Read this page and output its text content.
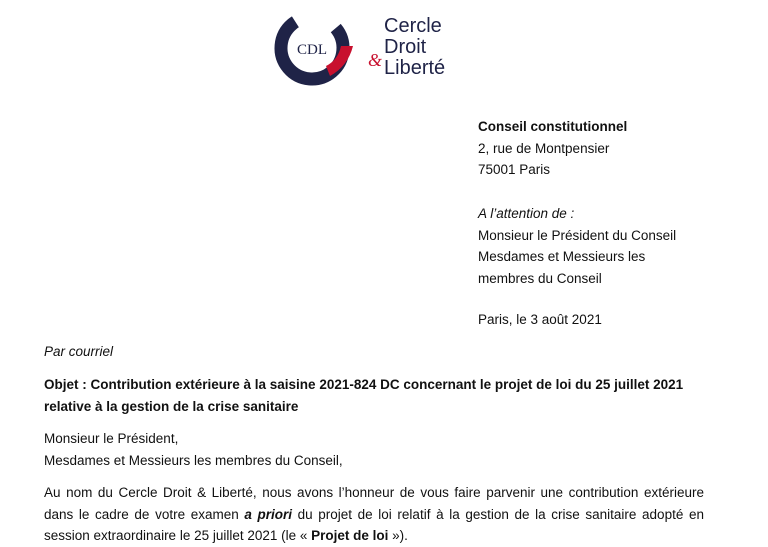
CDL &
Cercle
Droit
Liberté
Conseil constitutionnel
2, rue de Montpensier
75001 Paris
A l’attention de :
Monsieur le Président du Conseil
Mesdames et Messieurs les
membres du Conseil
Paris, le 3 août 2021
Par courriel
Objet : Contribution extérieure à la saisine 2021-824 DC concernant le projet de loi du 25 juillet 2021
relative à la gestion de la crise sanitaire
Monsieur le Président,
Mesdames et Messieurs les membres du Conseil,
Au nom du Cercle Droit & Liberté, nous avons l’honneur de vous faire parvenir une contribution extérieure dans le cadre de votre examen a priori du projet de loi relatif à la gestion de la crise sanitaire adopté en session extraordinaire le 25 juillet 2021 (le « Projet de loi »).
